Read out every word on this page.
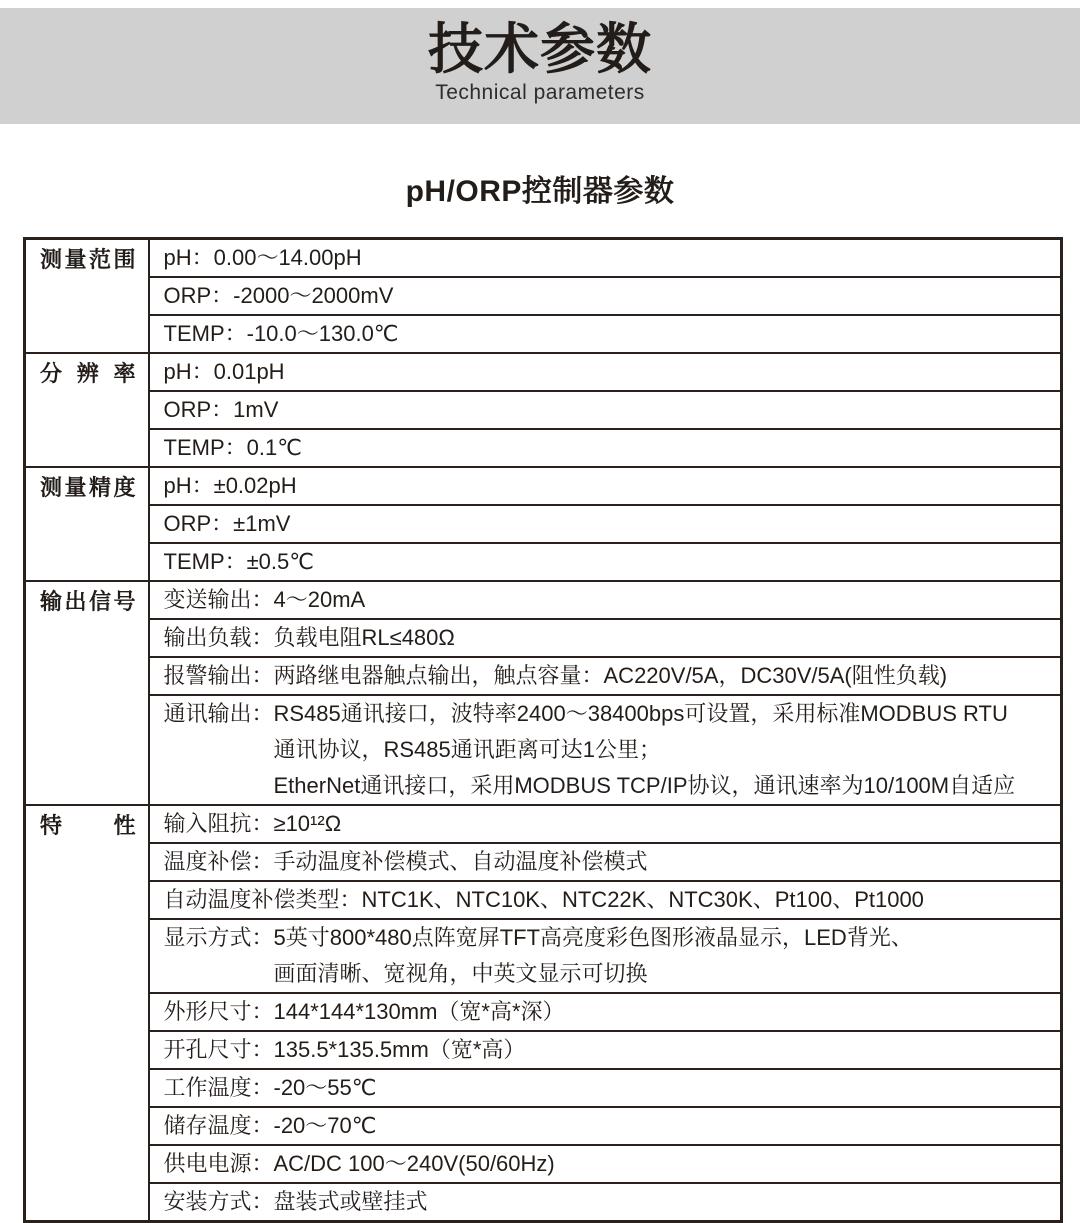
技术参数
Technical parameters
pH/ORP控制器参数
测量范围	pH：0.00～14.00pH

	ORP：-2000～2000mV

	TEMP：-10.0～130.0℃

分辨率	pH：0.01pH

	ORP：1mV

	TEMP：0.1℃

测量精度	pH：±0.02pH

	ORP：±1mV

	TEMP：±0.5℃

输出信号	变送输出：4～20mA

	输出负载：负载电阻RL≤480Ω

	报警输出：两路继电器触点输出，触点容量：AC220V/5A，DC30V/5A(阻性负载)

	通讯输出：RS485通讯接口，波特率2400～38400bps可设置，采用标准MODBUS RTU
通讯协议，RS485通讯距离可达1公里；
EtherNet通讯接口，采用MODBUS TCP/IP协议，通讯速率为10/100M自适应

特性	输入阻抗：≥10¹²Ω

	温度补偿：手动温度补偿模式、自动温度补偿模式

	自动温度补偿类型：NTC1K、NTC10K、NTC22K、NTC30K、Pt100、Pt1000

	显示方式：5英寸800*480点阵宽屏TFT高亮度彩色图形液晶显示，LED背光、
画面清晰、宽视角，中英文显示可切换

	外形尺寸：144*144*130mm（宽*高*深）

	开孔尺寸：135.5*135.5mm（宽*高）

	工作温度：-20～55℃

	储存温度：-20～70℃

	供电电源：AC/DC 100～240V(50/60Hz)

	安装方式：盘装式或壁挂式
